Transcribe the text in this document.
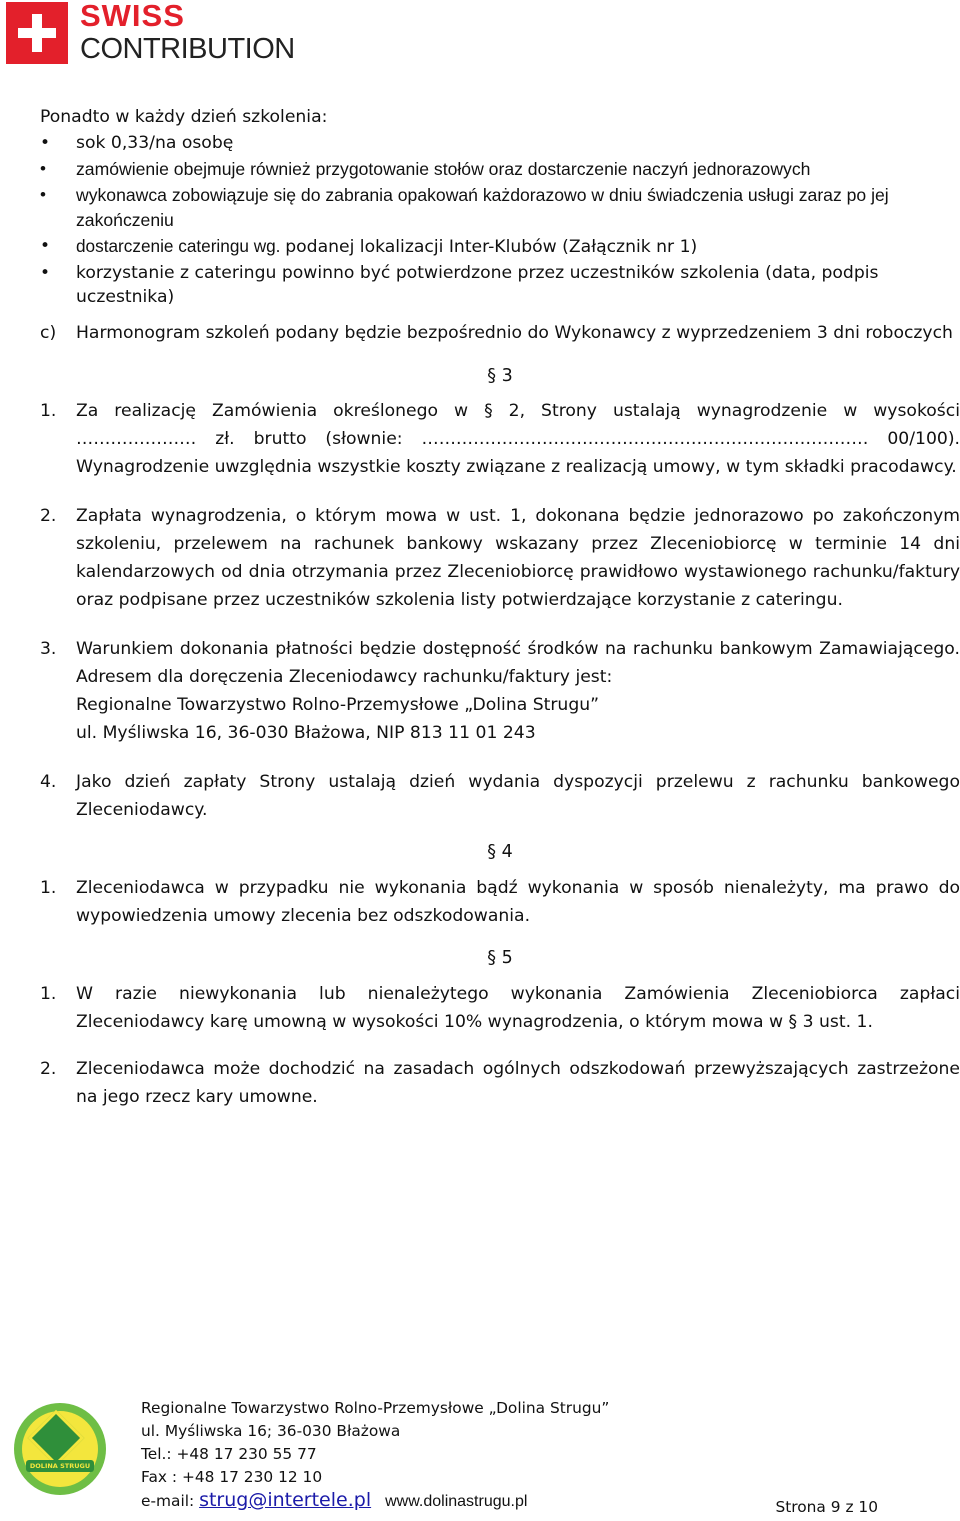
SWISS
CONTRIBUTION

Ponadto w każdy dzień szkolenia:

• sok 0,33/na osobę
• zamówienie obejmuje również przygotowanie stołów oraz dostarczenie naczyń jednorazowych
• wykonawca zobowiązuje się do zabrania opakowań każdorazowo w dniu świadczenia usługi zaraz po jej zakończeniu
• dostarczenie cateringu wg. podanej lokalizacji Inter-Klubów (Załącznik nr 1)
• korzystanie z cateringu powinno być potwierdzone przez uczestników szkolenia (data, podpis uczestnika)

c) Harmonogram szkoleń podany będzie bezpośrednio do Wykonawcy z wyprzedzeniem 3 dni roboczych

§ 3

1. Za realizację Zamówienia określonego w § 2, Strony ustalają wynagrodzenie w wysokości ………………… zł. brutto (słownie: …………………………………………………………………… 00/100). Wynagrodzenie uwzględnia wszystkie koszty związane z realizacją umowy, w tym składki pracodawcy.

2. Zapłata wynagrodzenia, o którym mowa w ust. 1, dokonana będzie jednorazowo po zakończonym szkoleniu, przelewem na rachunek bankowy wskazany przez Zleceniobiorcę w terminie 14 dni kalendarzowych od dnia otrzymania przez Zleceniobiorcę prawidłowo wystawionego rachunku/faktury oraz podpisane przez uczestników szkolenia listy potwierdzające korzystanie z cateringu.

3. Warunkiem dokonania płatności będzie dostępność środków na rachunku bankowym Zamawiającego. Adresem dla doręczenia Zleceniodawcy rachunku/faktury jest:
Regionalne Towarzystwo Rolno-Przemysłowe „Dolina Strugu”
ul. Myśliwska 16, 36-030 Błażowa, NIP 813 11 01 243

4. Jako dzień zapłaty Strony ustalają dzień wydania dyspozycji przelewu z rachunku bankowego Zleceniodawcy.

§ 4

1. Zleceniodawca w przypadku nie wykonania bądź wykonania w sposób nienależyty, ma prawo do wypowiedzenia umowy zlecenia bez odszkodowania.

§ 5

1. W razie niewykonania lub nienależytego wykonania Zamówienia Zleceniobiorca zapłaci Zleceniodawcy karę umowną w wysokości 10% wynagrodzenia, o którym mowa w § 3 ust. 1.

2. Zleceniodawca może dochodzić na zasadach ogólnych odszkodowań przewyższających zastrzeżone na jego rzecz kary umowne.

DOLINA STRUGU
Regionalne Towarzystwo Rolno-Przemysłowe „Dolina Strugu”
ul. Myśliwska 16; 36-030 Błażowa
Tel.: +48 17 230 55 77
Fax : +48 17 230 12 10
e-mail: strug@intertele.pl www.dolinastrugu.pl	Strona 9 z 10
